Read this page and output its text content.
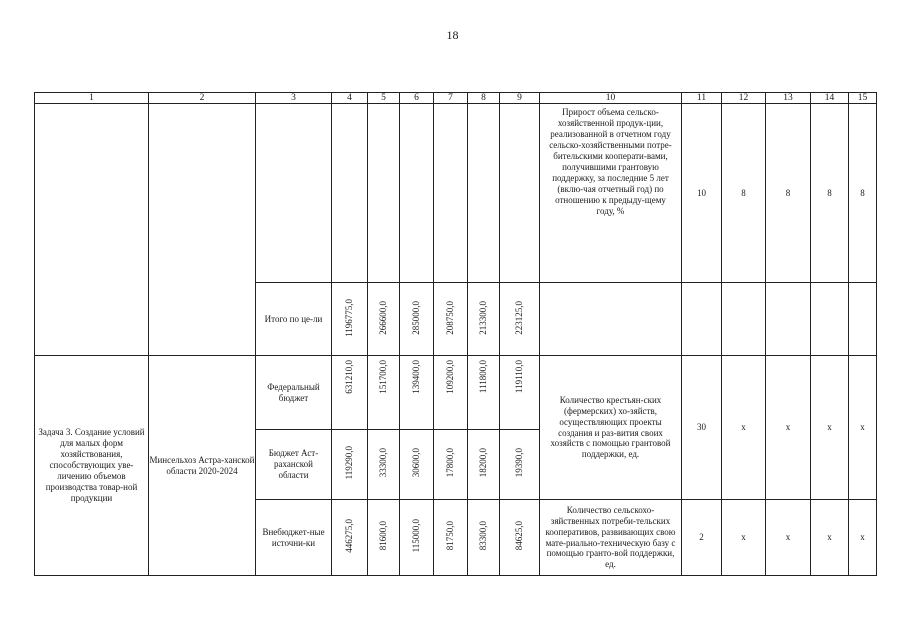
18
1	2	3	4	5	6	7	8	9	10	11	12	13	14	15
									Прирост объема сельско-хозяйственной продук-ции, реализованной в отчетном году сельско-хозяйственными потре-бительскими кооперати-вами, получившими грантовую поддержку, за последние 5 лет (вклю-чая отчетный год) по отношению к предыду-щему году, %	10	8	8	8	8
		Итого по це-ли	1196775,0	266600,0	285000,0	208750,0	213300,0	223125,0						
Задача 3. Создание условий для малых форм хозяйствования, способствующих уве-личению объемов производства товар-ной продукции	Минсельхоз Астра-ханской области 2020-2024	Федеральный бюджет	631210,0	151700,0	139400,0	109200,0	111800,0	119110,0	Количество крестьян-ских (фермерских) хо-зяйств, осуществляющих проекты создания и раз-вития своих хозяйств с помощью грантовой поддержки, ед.	30	х	х	х	х
		Бюджет Аст-раханской области	119290,0	33300,0	30600,0	17800,0	18200,0	19390,0						
		Внебюджет-ные источни-ки	446275,0	81600,0	115000,0	81750,0	83300,0	84625,0	Количество сельскохо-зяйственных потреби-тельских кооперативов, развивающих свою мате-риально-техническую базу с помощью гранто-вой поддержки, ед.	2	х	х	х	х
